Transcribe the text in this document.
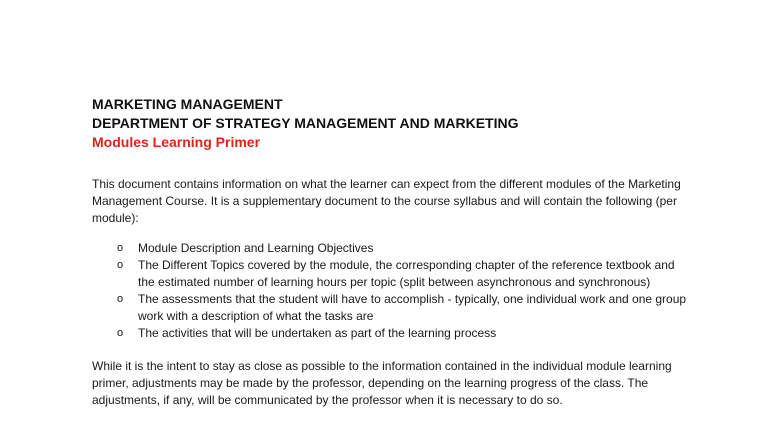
MARKETING MANAGEMENT
DEPARTMENT OF STRATEGY MANAGEMENT AND MARKETING
Modules Learning Primer

This document contains information on what the learner can expect from the different modules of the Marketing Management Course. It is a supplementary document to the course syllabus and will contain the following (per module):

o Module Description and Learning Objectives
o The Different Topics covered by the module, the corresponding chapter of the reference textbook and the estimated number of learning hours per topic (split between asynchronous and synchronous)
o The assessments that the student will have to accomplish - typically, one individual work and one group work with a description of what the tasks are
o The activities that will be undertaken as part of the learning process

While it is the intent to stay as close as possible to the information contained in the individual module learning primer, adjustments may be made by the professor, depending on the learning progress of the class. The adjustments, if any, will be communicated by the professor when it is necessary to do so.
